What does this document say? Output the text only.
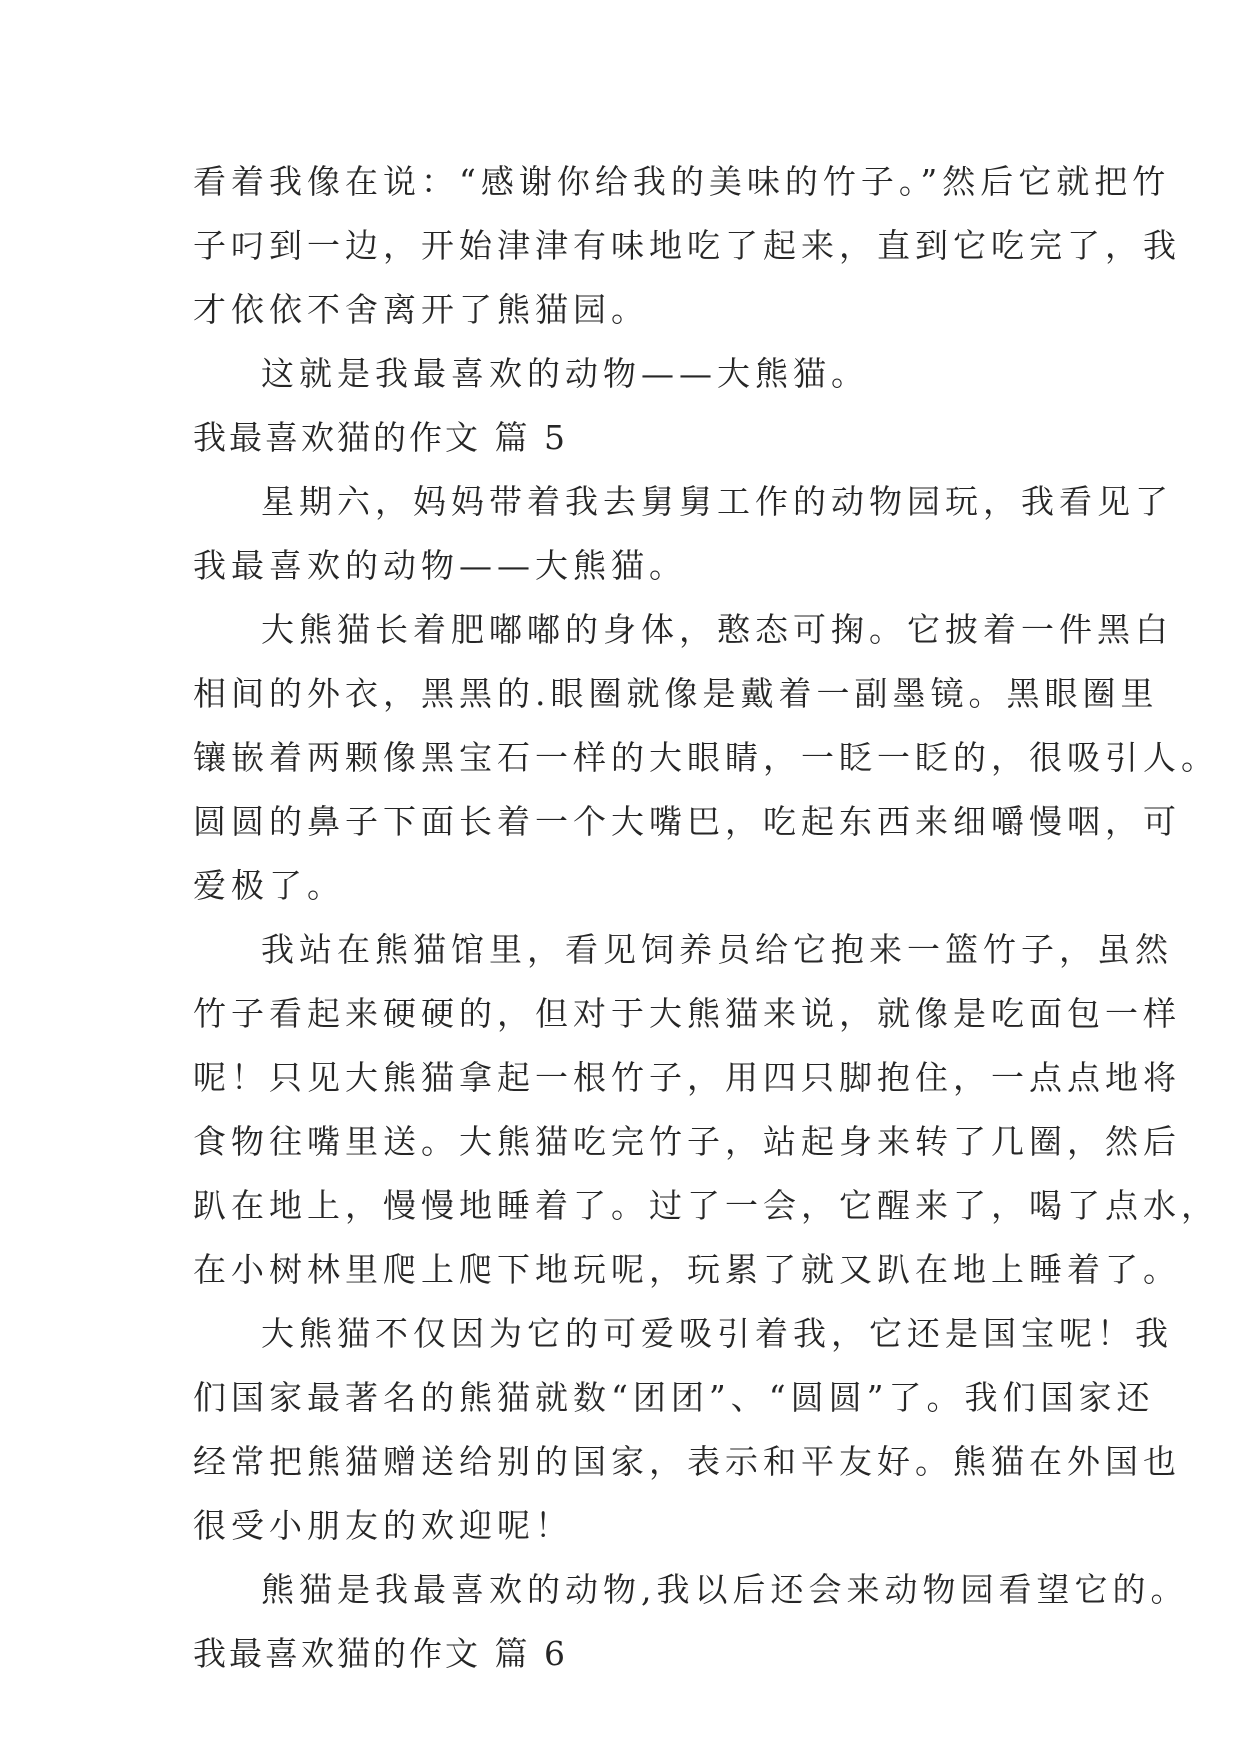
看着我像在说：“感谢你给我的美味的竹子。”然后它就把竹

子叼到一边，开始津津有味地吃了起来，直到它吃完了，我

才依依不舍离开了熊猫园。

这就是我最喜欢的动物——大熊猫。

我最喜欢猫的作文 篇 5

星期六，妈妈带着我去舅舅工作的动物园玩，我看见了

我最喜欢的动物——大熊猫。

大熊猫长着肥嘟嘟的身体，憨态可掬。它披着一件黑白

相间的外衣，黑黑的.眼圈就像是戴着一副墨镜。黑眼圈里

镶嵌着两颗像黑宝石一样的大眼睛，一眨一眨的，很吸引人。

圆圆的鼻子下面长着一个大嘴巴，吃起东西来细嚼慢咽，可

爱极了。

我站在熊猫馆里，看见饲养员给它抱来一篮竹子，虽然

竹子看起来硬硬的，但对于大熊猫来说，就像是吃面包一样

呢！只见大熊猫拿起一根竹子，用四只脚抱住，一点点地将

食物往嘴里送。大熊猫吃完竹子，站起身来转了几圈，然后

趴在地上，慢慢地睡着了。过了一会，它醒来了，喝了点水，

在小树林里爬上爬下地玩呢，玩累了就又趴在地上睡着了。

大熊猫不仅因为它的可爱吸引着我，它还是国宝呢！我

们国家最著名的熊猫就数“团团”、“圆圆”了。我们国家还

经常把熊猫赠送给别的国家，表示和平友好。熊猫在外国也

很受小朋友的欢迎呢！

熊猫是我最喜欢的动物,我以后还会来动物园看望它的。

我最喜欢猫的作文 篇 6
